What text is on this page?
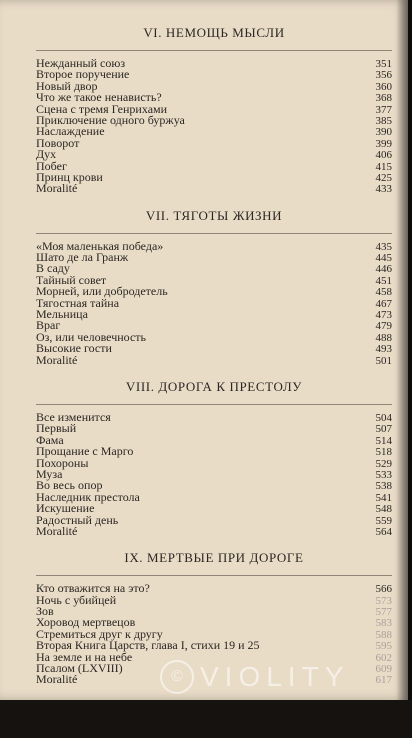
VI. НЕМОЩЬ МЫСЛИ
Нежданный союз	351
Второе поручение	356
Новый двор	360
Что же такое ненависть?	368
Сцена с тремя Генрихами	377
Приключение одного буржуа	385
Наслаждение	390
Поворот	399
Дух	406
Побег	415
Принц крови	425
Moralité	433
VII. ТЯГОТЫ ЖИЗНИ
«Моя маленькая победа»	435
Шато де ла Гранж	445
В саду	446
Тайный совет	451
Морней, или добродетель	458
Тягостная тайна	467
Мельница	473
Враг	479
Оз, или человечность	488
Высокие гости	493
Moralité	501
VIII. ДОРОГА К ПРЕСТОЛУ
Все изменится	504
Первый	507
Фама	514
Прощание с Марго	518
Похороны	529
Муза	533
Во весь опор	538
Наследник престола	541
Искушение	548
Радостный день	559
Moralité	564
IX. МЕРТВЫЕ ПРИ ДОРОГЕ
Кто отважится на это?	566
Ночь с убийцей	573
Зов	577
Хоровод мертвецов	583
Стремиться друг к другу	588
Вторая Книга Царств, глава I, стихи 19 и 25	595
На земле и на небе	602
Псалом (LXVIII)	609
Moralité	617
© VIOLITY
